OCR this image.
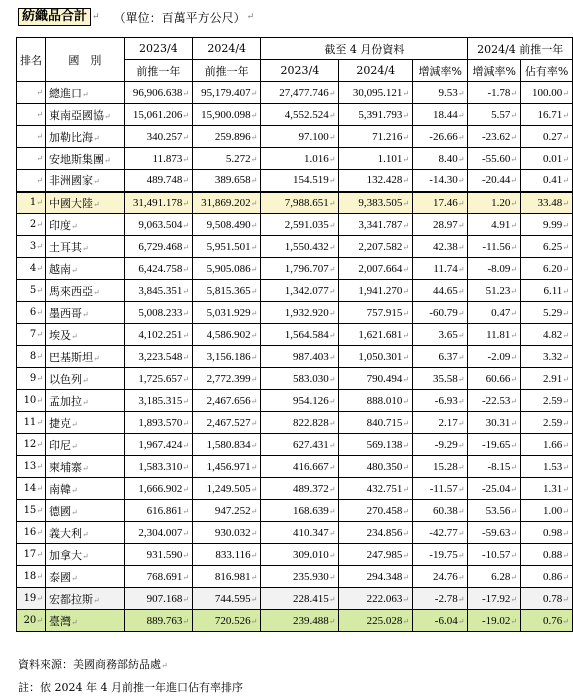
紡織品合計 ↵ （單位：百萬平方公尺） ↵
排名	國　別	2023/4	2024/4	截至 4 月份資料			2024/4 前推一年	
		前推一年	前推一年	2023/4	2024/4	增減率%	增減率%	佔有率%
↵	總進口↵	96,906.638↵	95,179.407↵	27,477.746↵	30,095.121↵	9.53↵	-1.78↵	100.00↵
↵	東南亞國協↵	15,061.206↵	15,900.098↵	4,552.524↵	5,391.793↵	18.44↵	5.57↵	16.71↵
↵	加勒比海↵	340.257↵	259.896↵	97.100↵	71.216↵	-26.66↵	-23.62↵	0.27↵
↵	安地斯集團↵	11.873↵	5.272↵	1.016↵	1.101↵	8.40↵	-55.60↵	0.01↵
↵	非洲國家↵	489.748↵	389.658↵	154.519↵	132.428↵	-14.30↵	-20.44↵	0.41↵
1↵	中國大陸↵	31,491.178↵	31,869.202↵	7,988.651↵	9,383.505↵	17.46↵	1.20↵	33.48↵
2↵	印度↵	9,063.504↵	9,508.490↵	2,591.035↵	3,341.787↵	28.97↵	4.91↵	9.99↵
3↵	土耳其↵	6,729.468↵	5,951.501↵	1,550.432↵	2,207.582↵	42.38↵	-11.56↵	6.25↵
4↵	越南↵	6,424.758↵	5,905.086↵	1,796.707↵	2,007.664↵	11.74↵	-8.09↵	6.20↵
5↵	馬來西亞↵	3,845.351↵	5,815.365↵	1,342.077↵	1,941.270↵	44.65↵	51.23↵	6.11↵
6↵	墨西哥↵	5,008.233↵	5,031.929↵	1,932.920↵	757.915↵	-60.79↵	0.47↵	5.29↵
7↵	埃及↵	4,102.251↵	4,586.902↵	1,564.584↵	1,621.681↵	3.65↵	11.81↵	4.82↵
8↵	巴基斯坦↵	3,223.548↵	3,156.186↵	987.403↵	1,050.301↵	6.37↵	-2.09↵	3.32↵
9↵	以色列↵	1,725.657↵	2,772.399↵	583.030↵	790.494↵	35.58↵	60.66↵	2.91↵
10↵	孟加拉↵	3,185.315↵	2,467.656↵	954.126↵	888.010↵	-6.93↵	-22.53↵	2.59↵
11↵	捷克↵	1,893.570↵	2,467.527↵	822.828↵	840.715↵	2.17↵	30.31↵	2.59↵
12↵	印尼↵	1,967.424↵	1,580.834↵	627.431↵	569.138↵	-9.29↵	-19.65↵	1.66↵
13↵	柬埔寨↵	1,583.310↵	1,456.971↵	416.667↵	480.350↵	15.28↵	-8.15↵	1.53↵
14↵	南韓↵	1,666.902↵	1,249.505↵	489.372↵	432.751↵	-11.57↵	-25.04↵	1.31↵
15↵	德國↵	616.861↵	947.252↵	168.639↵	270.458↵	60.38↵	53.56↵	1.00↵
16↵	義大利↵	2,304.007↵	930.032↵	410.347↵	234.856↵	-42.77↵	-59.63↵	0.98↵
17↵	加拿大↵	931.590↵	833.116↵	309.010↵	247.985↵	-19.75↵	-10.57↵	0.88↵
18↵	泰國↵	768.691↵	816.981↵	235.930↵	294.348↵	24.76↵	6.28↵	0.86↵
19↵	宏都拉斯↵	907.168↵	744.595↵	228.415↵	222.063↵	-2.78↵	-17.92↵	0.78↵
20↵	臺灣↵	889.763↵	720.526↵	239.488↵	225.028↵	-6.04↵	-19.02↵	0.76↵
資料來源：美國商務部紡品處↵
註：依 2024 年 4 月前推一年進口佔有率排序
